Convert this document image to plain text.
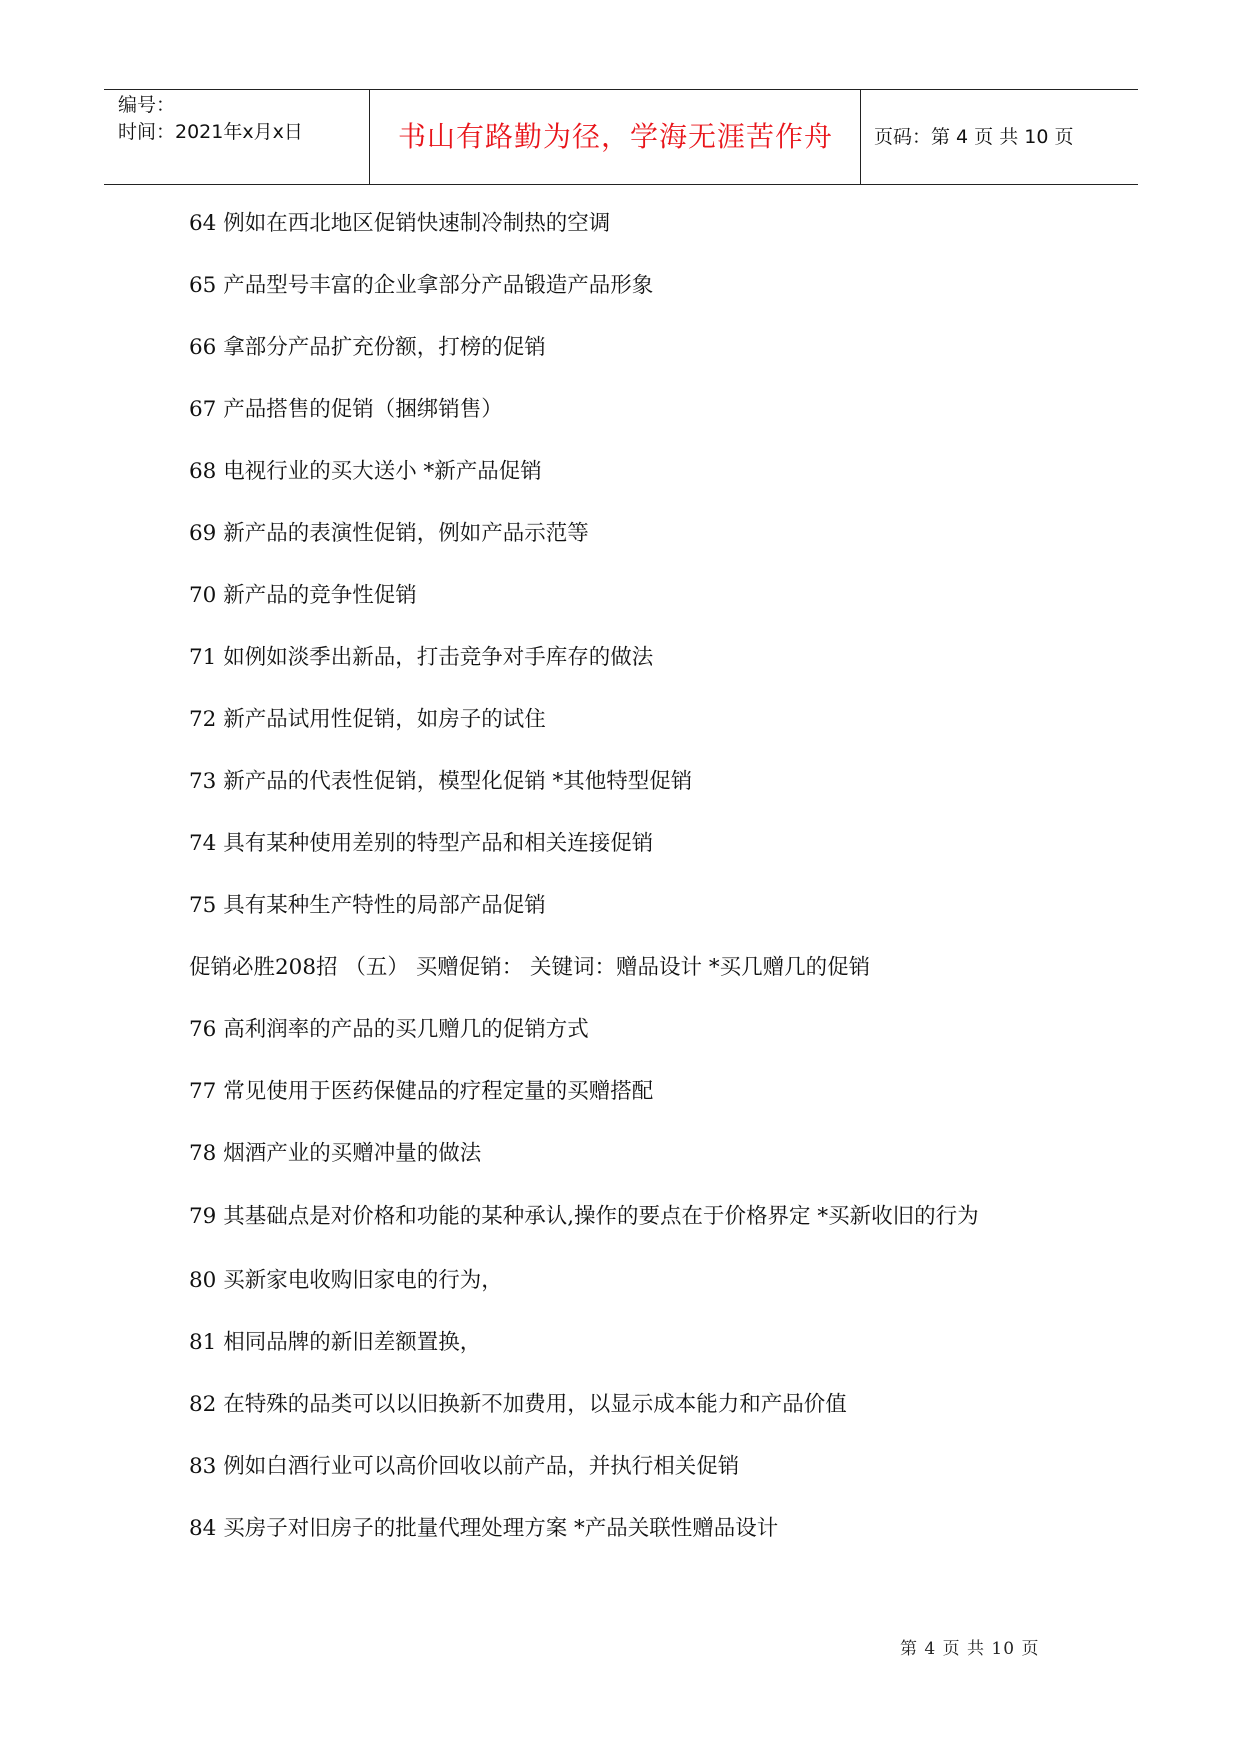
编号：
时间：2021年x月x日	书山有路勤为径，学海无涯苦作舟	页码：第 4 页 共 10 页

64 例如在西北地区促销快速制冷制热的空调

65 产品型号丰富的企业拿部分产品锻造产品形象

66 拿部分产品扩充份额，打榜的促销

67 产品搭售的促销（捆绑销售）

68 电视行业的买大送小 *新产品促销

69 新产品的表演性促销，例如产品示范等

70 新产品的竞争性促销

71 如例如淡季出新品，打击竞争对手库存的做法

72 新产品试用性促销，如房子的试住

73 新产品的代表性促销，模型化促销 *其他特型促销

74 具有某种使用差别的特型产品和相关连接促销

75 具有某种生产特性的局部产品促销

促销必胜208招 （五） 买赠促销： 关键词：赠品设计 *买几赠几的促销

76 高利润率的产品的买几赠几的促销方式

77 常见使用于医药保健品的疗程定量的买赠搭配

78 烟酒产业的买赠冲量的做法

79 其基础点是对价格和功能的某种承认,操作的要点在于价格界定 *买新收旧的行为

80 买新家电收购旧家电的行为，

81 相同品牌的新旧差额置换，

82 在特殊的品类可以以旧换新不加费用，以显示成本能力和产品价值

83 例如白酒行业可以高价回收以前产品，并执行相关促销

84 买房子对旧房子的批量代理处理方案 *产品关联性赠品设计

第 4 页 共 10 页
